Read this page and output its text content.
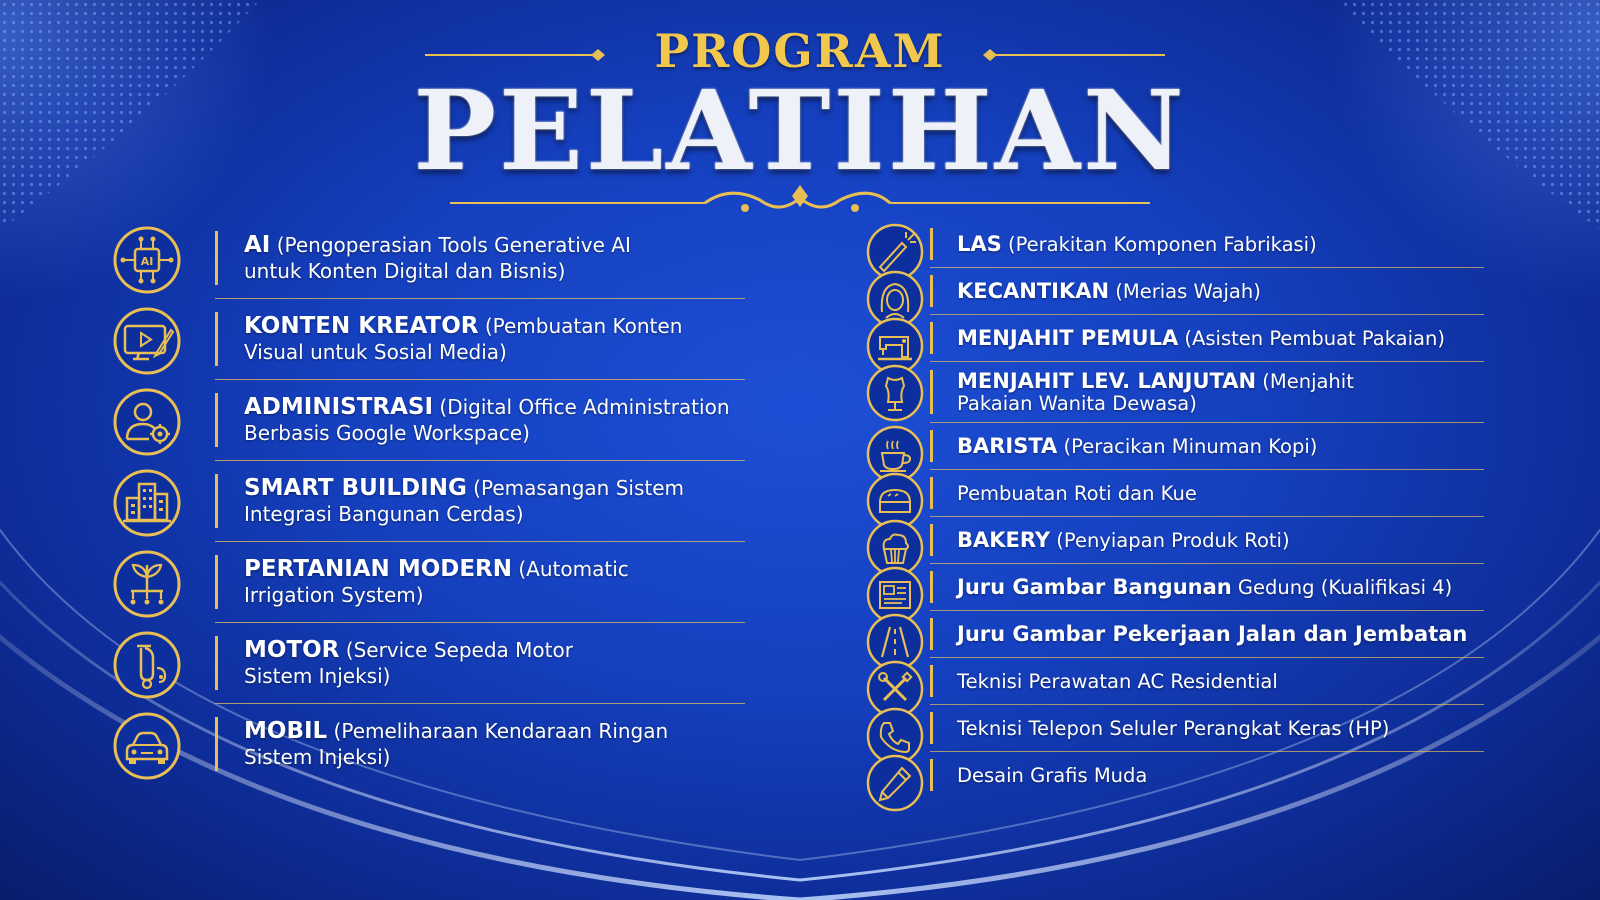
PROGRAM
PELATIHAN
AI
AI (Pengoperasian Tools Generative AI
untuk Konten Digital dan Bisnis)
KONTEN KREATOR (Pembuatan Konten
Visual untuk Sosial Media)
ADMINISTRASI (Digital Office Administration
Berbasis Google Workspace)
SMART BUILDING (Pemasangan Sistem
Integrasi Bangunan Cerdas)
PERTANIAN MODERN (Automatic
Irrigation System)
MOTOR (Service Sepeda Motor
Sistem Injeksi)
MOBIL (Pemeliharaan Kendaraan Ringan
Sistem Injeksi)
LAS (Perakitan Komponen Fabrikasi)
KECANTIKAN (Merias Wajah)
MENJAHIT PEMULA (Asisten Pembuat Pakaian)
MENJAHIT LEV. LANJUTAN (Menjahit
Pakaian Wanita Dewasa)
BARISTA (Peracikan Minuman Kopi)
Pembuatan Roti dan Kue
BAKERY (Penyiapan Produk Roti)
Juru Gambar Bangunan Gedung (Kualifikasi 4)
Juru Gambar Pekerjaan Jalan dan Jembatan
Teknisi Perawatan AC Residential
Teknisi Telepon Seluler Perangkat Keras (HP)
Desain Grafis Muda
